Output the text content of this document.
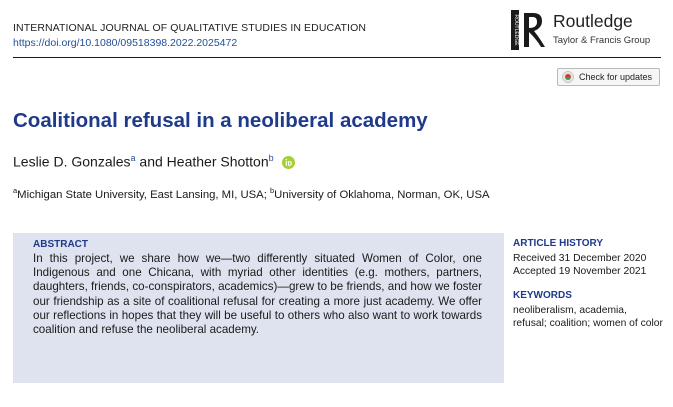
INTERNATIONAL JOURNAL OF QUALITATIVE STUDIES IN EDUCATION
https://doi.org/10.1080/09518398.2022.2025472	ROUTLEDGE Routledge
Taylor & Francis Group
Check for updates
Coalitional refusal in a neoliberal academy
Leslie D. Gonzales$^a$ and Heather Shotton$^b$
$^a$Michigan State University, East Lansing, MI, USA; $^b$University of Oklahoma, Norman, OK, USA
ABSTRACT
In this project, we share how we—two differently situated Women of Color, one Indigenous and one Chicana, with myriad other identities (e.g. mothers, partners, daughters, friends, co-conspirators, academics)—grew to be friends, and how we foster our friendship as a site of coalitional refusal for creating a more just academy. We offer our reflections in hopes that they will be useful to others who also want to work towards coalition and refuse the neoliberal academy.
ARTICLE HISTORY
Received 31 December 2020
Accepted 19 November 2021
KEYWORDS
neoliberalism, academia, refusal; coalition; women of color
